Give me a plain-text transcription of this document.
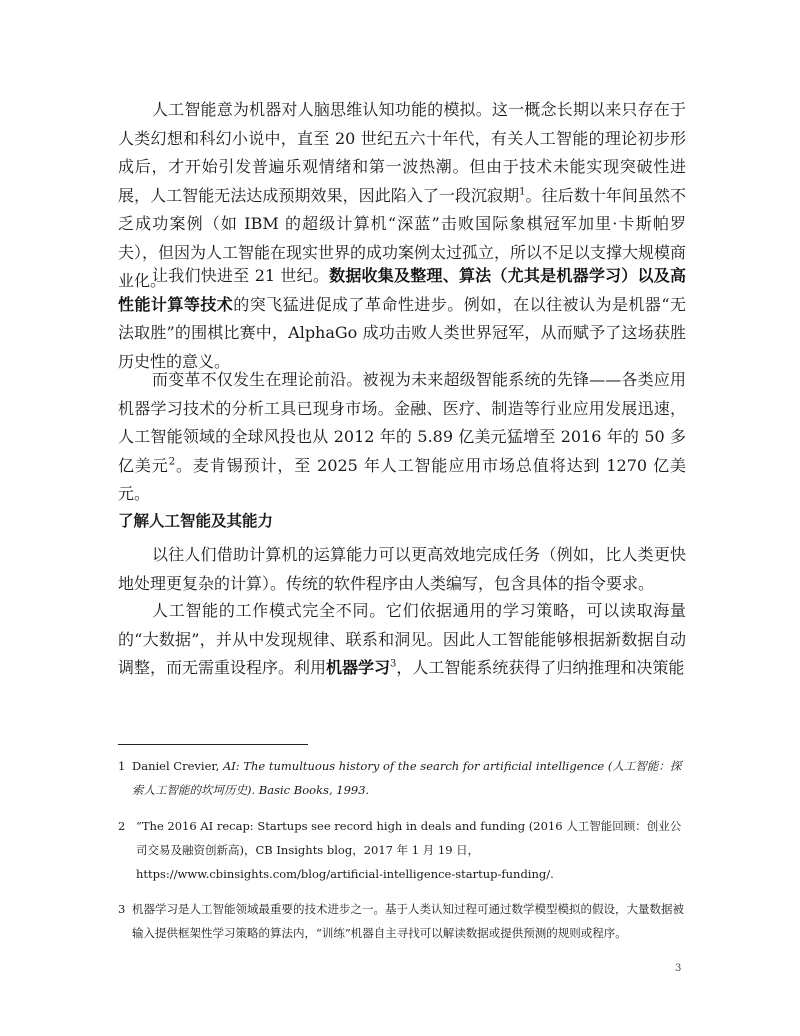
人工智能意为机器对人脑思维认知功能的模拟。这一概念长期以来只存在于人类幻想和科幻小说中，直至 20 世纪五六十年代，有关人工智能的理论初步形成后，才开始引发普遍乐观情绪和第一波热潮。但由于技术未能实现突破性进展，人工智能无法达成预期效果，因此陷入了一段沉寂期$^1$。往后数十年间虽然不乏成功案例（如 IBM 的超级计算机“深蓝”击败国际象棋冠军加里·卡斯帕罗夫），但因为人工智能在现实世界的成功案例太过孤立，所以不足以支撑大规模商业化。

让我们快进至 21 世纪。数据收集及整理、算法（尤其是机器学习）以及高性能计算等技术的突飞猛进促成了革命性进步。例如，在以往被认为是机器“无法取胜”的围棋比赛中，AlphaGo 成功击败人类世界冠军，从而赋予了这场获胜历史性的意义。

而变革不仅发生在理论前沿。被视为未来超级智能系统的先锋——各类应用机器学习技术的分析工具已现身市场。金融、医疗、制造等行业应用发展迅速，人工智能领域的全球风投也从 2012 年的 5.89 亿美元猛增至 2016 年的 50 多亿美元$^2$。麦肯锡预计，至 2025 年人工智能应用市场总值将达到 1270 亿美元。

了解人工智能及其能力

以往人们借助计算机的运算能力可以更高效地完成任务（例如，比人类更快地处理更复杂的计算）。传统的软件程序由人类编写，包含具体的指令要求。

人工智能的工作模式完全不同。它们依据通用的学习策略，可以读取海量的“大数据”，并从中发现规律、联系和洞见。因此人工智能能够根据新数据自动调整，而无需重设程序。利用机器学习$^3$，人工智能系统获得了归纳推理和决策能

1 Daniel Crevier, AI: The tumultuous history of the search for artificial intelligence (人工智能：探索人工智能的坎坷历史). Basic Books, 1993.

2 “The 2016 AI recap: Startups see record high in deals and funding (2016 人工智能回顾：创业公司交易及融资创新高)，CB Insights blog，2017 年 1 月 19 日， https://www.cbinsights.com/blog/artificial-intelligence-startup-funding/.

3 机器学习是人工智能领域最重要的技术进步之一。基于人类认知过程可通过数学模型模拟的假设，大量数据被输入提供框架性学习策略的算法内，“训练”机器自主寻找可以解读数据或提供预测的规则或程序。

3
